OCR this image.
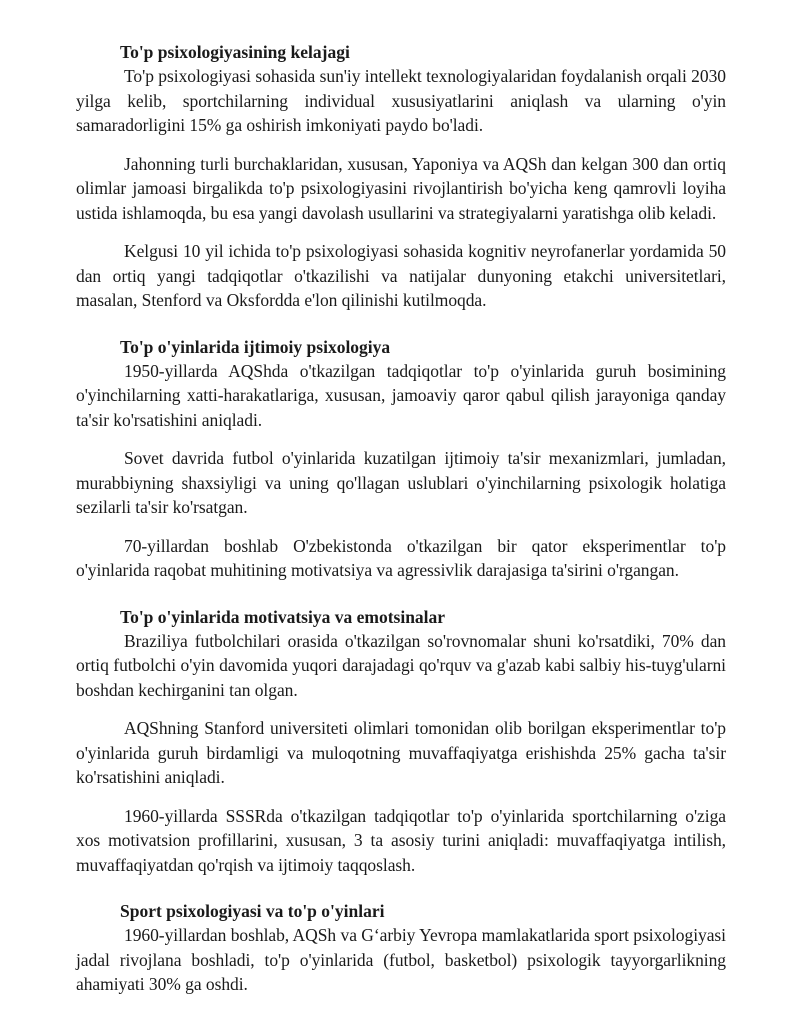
To'p psixologiyasining kelajagi

To'p psixologiyasi sohasida sun'iy intellekt texnologiyalaridan foydalanish orqali 2030 yilga kelib, sportchilarning individual xususiyatlarini aniqlash va ularning o'yin samaradorligini 15% ga oshirish imkoniyati paydo bo'ladi.

Jahonning turli burchaklaridan, xususan, Yaponiya va AQSh dan kelgan 300 dan ortiq olimlar jamoasi birgalikda to'p psixologiyasini rivojlantirish bo'yicha keng qamrovli loyiha ustida ishlamoqda, bu esa yangi davolash usullarini va strategiyalarni yaratishga olib keladi.

Kelgusi 10 yil ichida to'p psixologiyasi sohasida kognitiv neyrofanerlar yordamida 50 dan ortiq yangi tadqiqotlar o'tkazilishi va natijalar dunyoning etakchi universitetlari, masalan, Stenford va Oksfordda e'lon qilinishi kutilmoqda.

To'p o'yinlarida ijtimoiy psixologiya

1950-yillarda AQShda o'tkazilgan tadqiqotlar to'p o'yinlarida guruh bosimining o'yinchilarning xatti-harakatlariga, xususan, jamoaviy qaror qabul qilish jarayoniga qanday ta'sir ko'rsatishini aniqladi.

Sovet davrida futbol o'yinlarida kuzatilgan ijtimoiy ta'sir mexanizmlari, jumladan, murabbiyning shaxsiyligi va uning qo'llagan uslublari o'yinchilarning psixologik holatiga sezilarli ta'sir ko'rsatgan.

70-yillardan boshlab O'zbekistonda o'tkazilgan bir qator eksperimentlar to'p o'yinlarida raqobat muhitining motivatsiya va agressivlik darajasiga ta'sirini o'rgangan.

To'p o'yinlarida motivatsiya va emotsinalar

Braziliya futbolchilari orasida o'tkazilgan so'rovnomalar shuni ko'rsatdiki, 70% dan ortiq futbolchi o'yin davomida yuqori darajadagi qo'rquv va g'azab kabi salbiy his-tuyg'ularni boshdan kechirganini tan olgan.

AQShning Stanford universiteti olimlari tomonidan olib borilgan eksperimentlar to'p o'yinlarida guruh birdamligi va muloqotning muvaffaqiyatga erishishda 25% gacha ta'sir ko'rsatishini aniqladi.

1960-yillarda SSSRda o'tkazilgan tadqiqotlar to'p o'yinlarida sportchilarning o'ziga xos motivatsion profillarini, xususan, 3 ta asosiy turini aniqladi: muvaffaqiyatga intilish, muvaffaqiyatdan qo'rqish va ijtimoiy taqqoslash.

Sport psixologiyasi va to'p o'yinlari

1960-yillardan boshlab, AQSh va G‘arbiy Yevropa mamlakatlarida sport psixologiyasi jadal rivojlana boshladi, to'p o'yinlarida (futbol, basketbol) psixologik tayyorgarlikning ahamiyati 30% ga oshdi.
